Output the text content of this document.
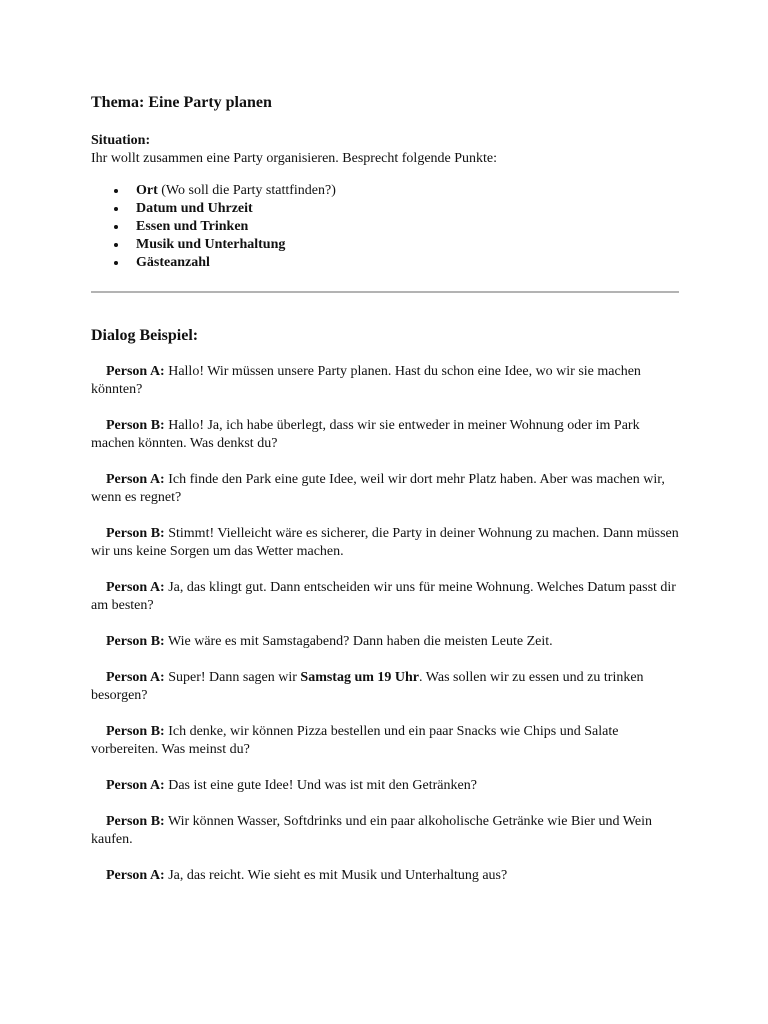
Thema: Eine Party planen
Situation:
Ihr wollt zusammen eine Party organisieren. Besprecht folgende Punkte:
Ort (Wo soll die Party stattfinden?)
Datum und Uhrzeit
Essen und Trinken
Musik und Unterhaltung
Gästeanzahl
Dialog Beispiel:

Person A: Hallo! Wir müssen unsere Party planen. Hast du schon eine Idee, wo wir sie machen könnten?

Person B: Hallo! Ja, ich habe überlegt, dass wir sie entweder in meiner Wohnung oder im Park machen könnten. Was denkst du?

Person A: Ich finde den Park eine gute Idee, weil wir dort mehr Platz haben. Aber was machen wir, wenn es regnet?

Person B: Stimmt! Vielleicht wäre es sicherer, die Party in deiner Wohnung zu machen. Dann müssen wir uns keine Sorgen um das Wetter machen.

Person A: Ja, das klingt gut. Dann entscheiden wir uns für meine Wohnung. Welches Datum passt dir am besten?

Person B: Wie wäre es mit Samstagabend? Dann haben die meisten Leute Zeit.

Person A: Super! Dann sagen wir Samstag um 19 Uhr. Was sollen wir zu essen und zu trinken besorgen?

Person B: Ich denke, wir können Pizza bestellen und ein paar Snacks wie Chips und Salate vorbereiten. Was meinst du?

Person A: Das ist eine gute Idee! Und was ist mit den Getränken?

Person B: Wir können Wasser, Softdrinks und ein paar alkoholische Getränke wie Bier und Wein kaufen.

Person A: Ja, das reicht. Wie sieht es mit Musik und Unterhaltung aus?
